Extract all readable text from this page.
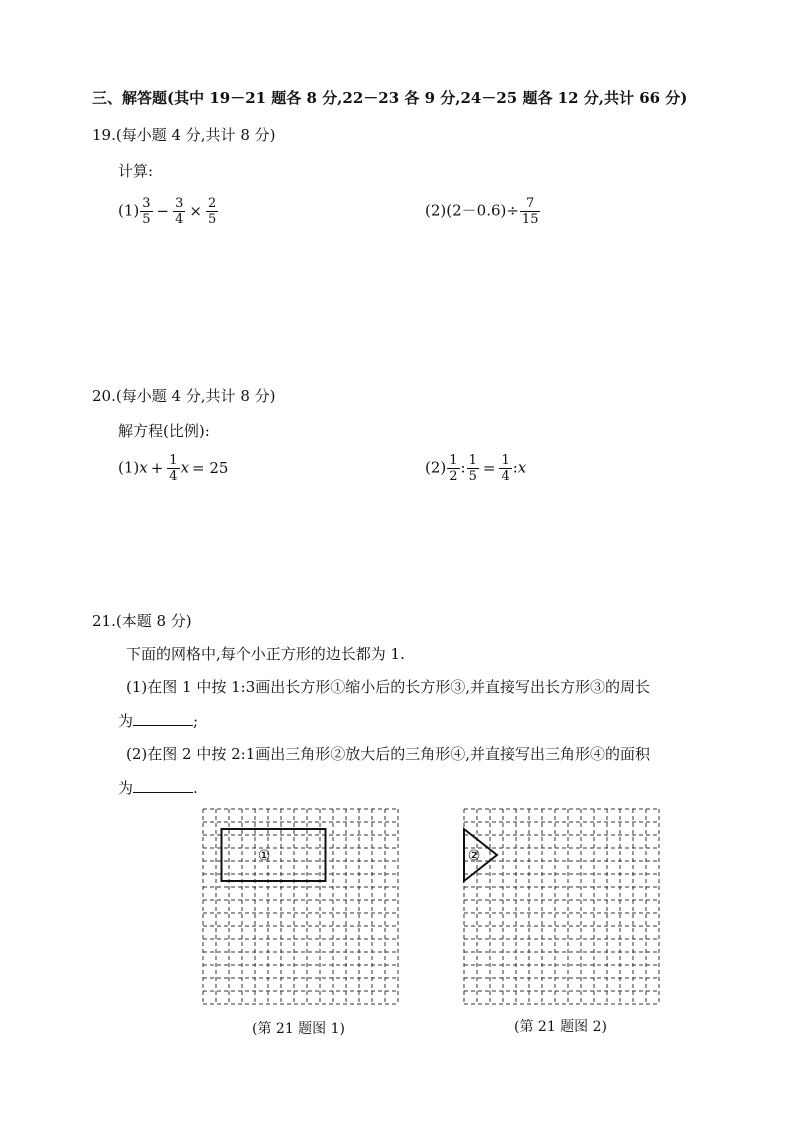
三、解答题(其中 19－21 题各 8 分,22－23 各 9 分,24－25 题各 12 分,共计 66 分)
19.(每小题 4 分,共计 8 分)
计算:
$(1) \frac{3}{5} - \frac{3}{4} \times \frac{2}{5}$	$(2)(2-0.6)\div \frac{7}{15}$
20.(每小题 4 分,共计 8 分)
解方程(比例):
$(1)x + \frac{1}{4}$ x = 25	$(2) \frac{1}{2}$ : $\frac{1}{5} = \frac{1}{4}$ :x
21.(本题 8 分)
下面的网格中,每个小正方形的边长都为 1.
(1)在图 1 中按 1:3画出长方形①缩小后的长方形③,并直接写出长方形③的周长
为	;
(2)在图 2 中按 2:1画出三角形②放大后的三角形④,并直接写出三角形④的面积
为	.
①
(第 21 题图 1)
②
(第 21 题图 2)
